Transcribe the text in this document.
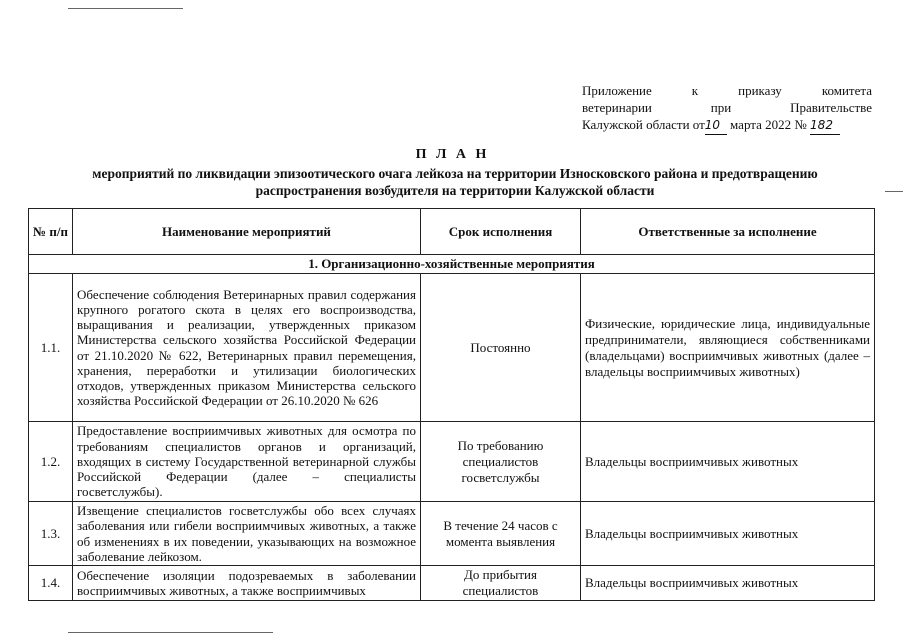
Приложение к приказу комитета
ветеринарии при Правительстве
Калужской области от10 марта 2022 № 182
П Л А Н
мероприятий по ликвидации эпизоотического очага лейкоза на территории Износковского района и предотвращению
распространения возбудителя на территории Калужской области
№ п/п	Наименование мероприятий	Срок исполнения	Ответственные за исполнение
1. Организационно-хозяйственные мероприятия			
1.1.	Обеспечение соблюдения Ветеринарных правил содержания крупного рогатого скота в целях его воспроизводства, выращивания и реализации, утвержденных приказом Министерства сельского хозяйства Российской Федерации от 21.10.2020 № 622, Ветеринарных правил перемещения, хранения, переработки и утилизации биологических отходов, утвержденных приказом Министерства сельского хозяйства Российской Федерации от 26.10.2020 № 626	Постоянно	Физические, юридические лица, индивидуальные предприниматели, являющиеся собственниками (владельцами) восприимчивых животных (далее – владельцы восприимчивых животных)
1.2.	Предоставление восприимчивых животных для осмотра по требованиям специалистов органов и организаций, входящих в систему Государственной ветеринарной службы Российской Федерации (далее – специалисты госветслужбы).	По требованию специалистов госветслужбы	Владельцы восприимчивых животных
1.3.	Извещение специалистов госветслужбы обо всех случаях заболевания или гибели восприимчивых животных, а также об изменениях в их поведении, указывающих на возможное заболевание лейкозом.	В течение 24 часов с момента выявления	Владельцы восприимчивых животных
1.4.	Обеспечение изоляции подозреваемых в заболевании восприимчивых животных, а также восприимчивых	До прибытия специалистов	Владельцы восприимчивых животных
